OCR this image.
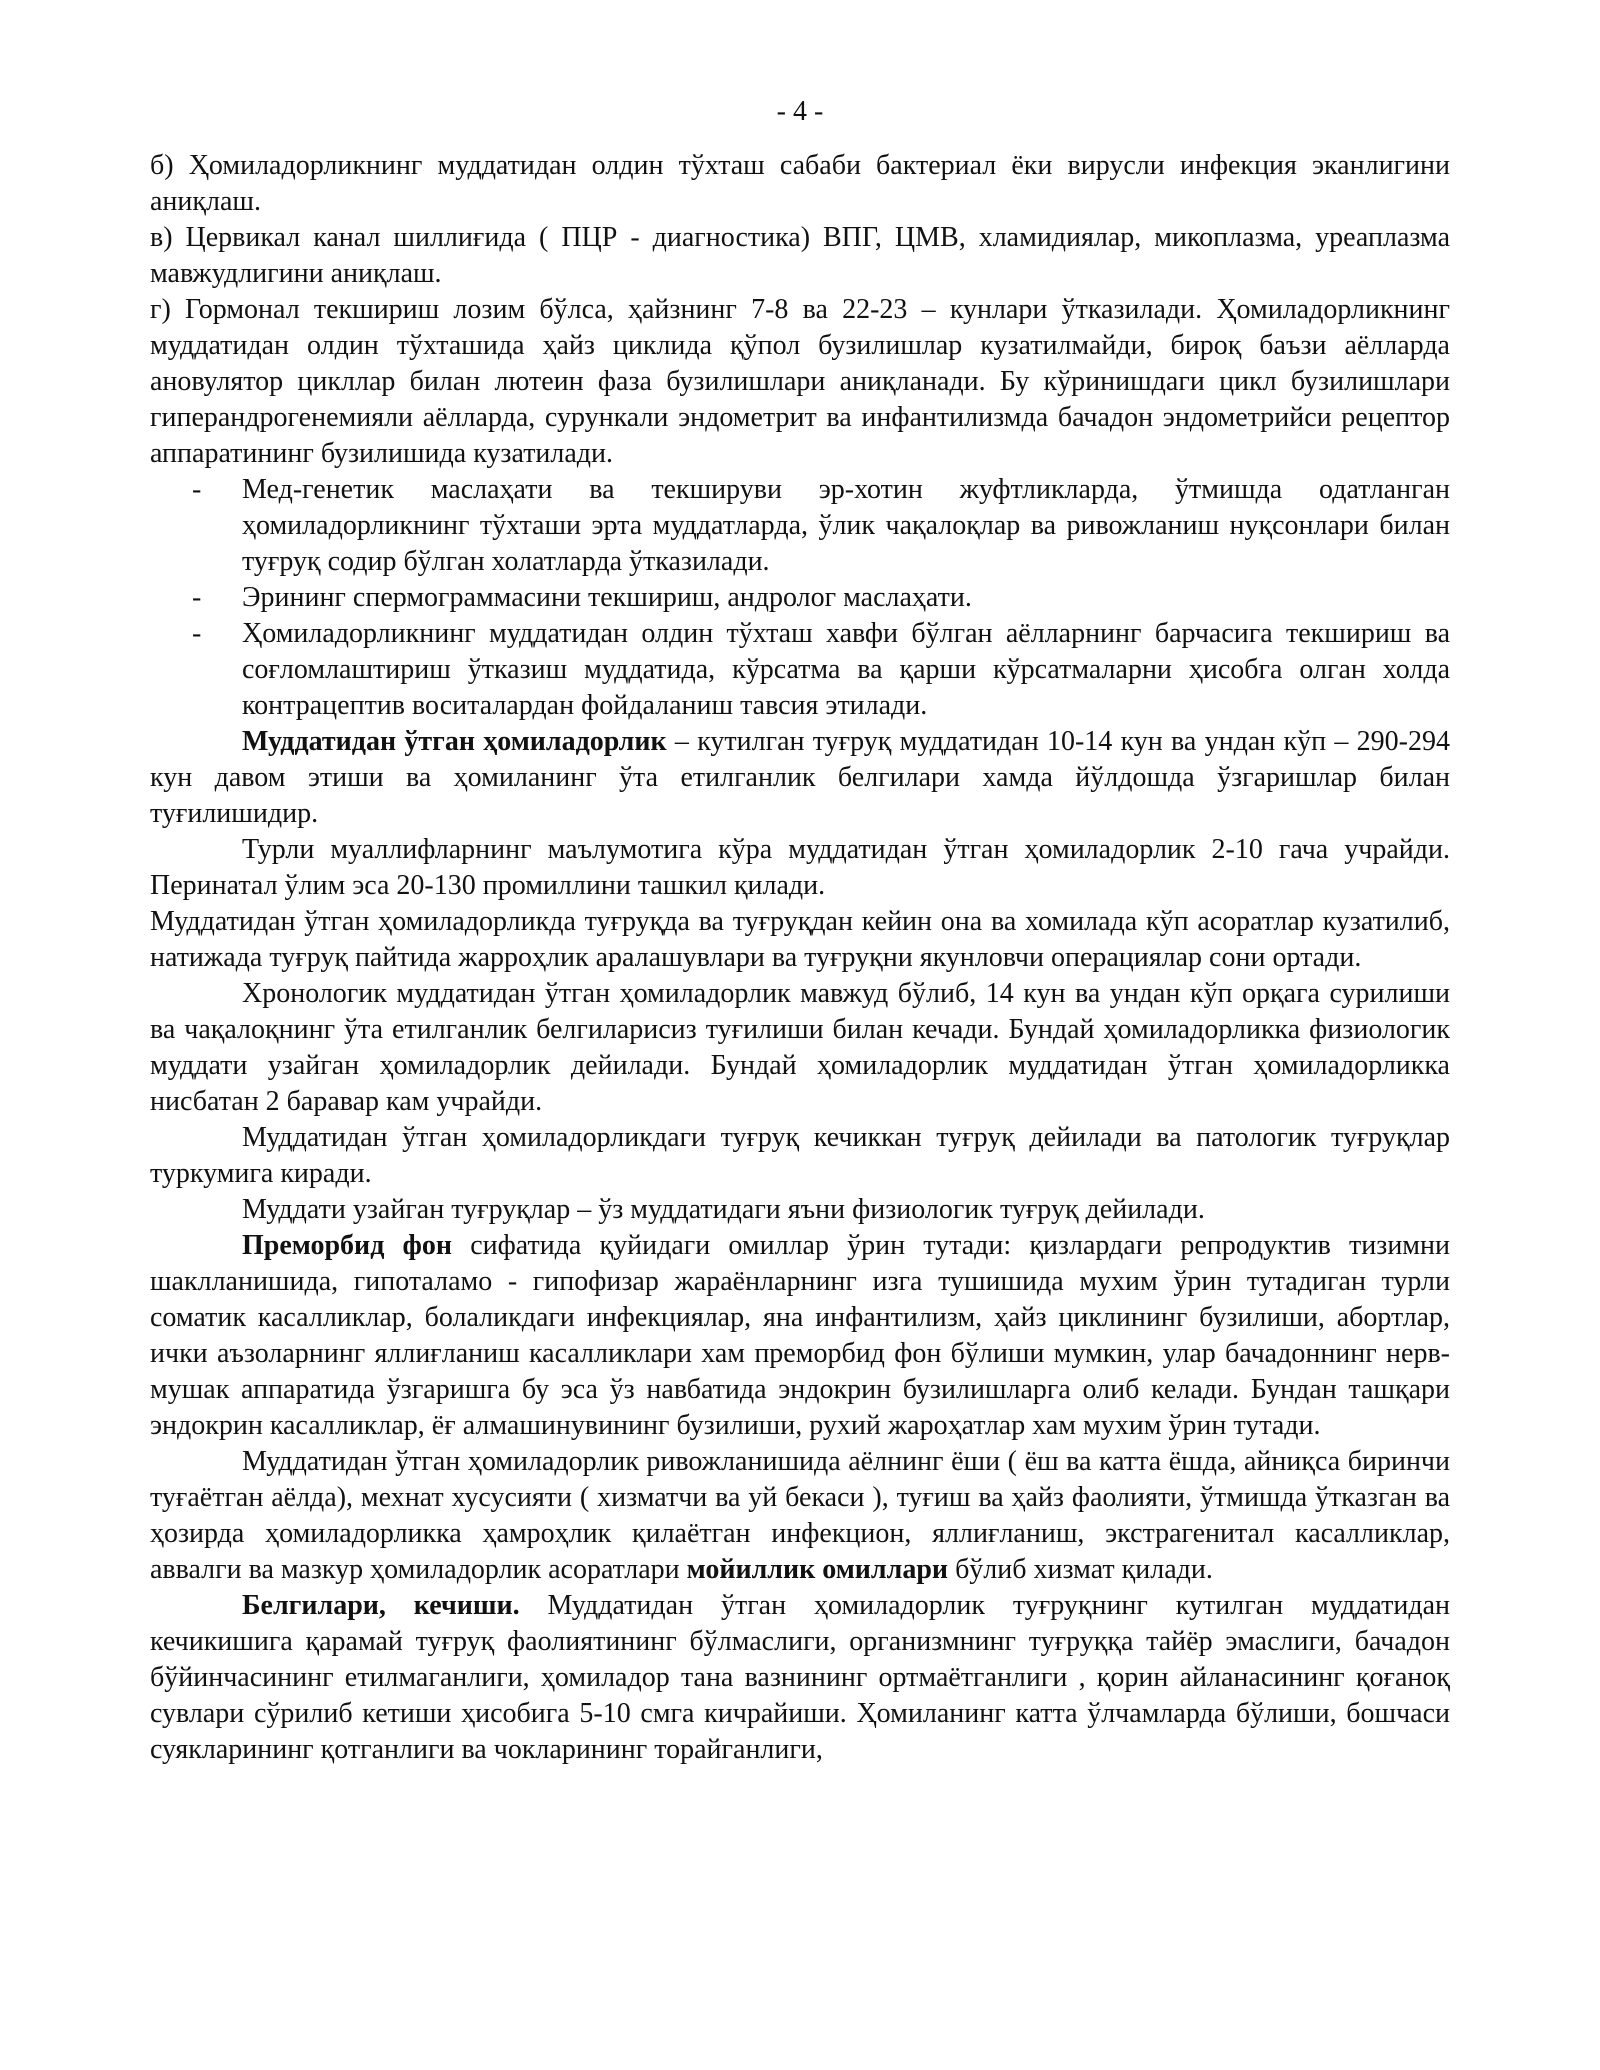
- 4 -

б) Ҳомиладорликнинг муддатидан олдин тўхташ сабаби бактериал ёки вирусли инфекция эканлигини аниқлаш.

в) Цервикал канал шиллиғида ( ПЦР - диагностика) ВПГ, ЦМВ, хламидиялар, микоплазма, уреаплазма мавжудлигини аниқлаш.

г) Гормонал текшириш лозим бўлса, ҳайзнинг 7-8 ва 22-23 – кунлари ўтказилади. Ҳомиладорликнинг муддатидан олдин тўхташида ҳайз циклида қўпол бузилишлар кузатилмайди, бироқ баъзи аёлларда ановулятор цикллар билан лютеин фаза бузилишлари аниқланади. Бу кўринишдаги цикл бузилишлари гиперандрогенемияли аёлларда, сурункали эндометрит ва инфантилизмда бачадон эндометрийси рецептор аппаратининг бузилишида кузатилади.

- Мед-генетик маслаҳати ва текшируви эр-хотин жуфтликларда, ўтмишда одатланган ҳомиладорликнинг тўхташи эрта муддатларда, ўлик чақалоқлар ва ривожланиш нуқсонлари билан туғруқ содир бўлган холатларда ўтказилади.
- Эрининг спермограммасини текшириш, андролог маслаҳати.
- Ҳомиладорликнинг муддатидан олдин тўхташ хавфи бўлган аёлларнинг барчасига текшириш ва соғломлаштириш ўтказиш муддатида, кўрсатма ва қарши кўрсатмаларни ҳисобга олган холда контрацептив воситалардан фойдаланиш тавсия этилади.

Муддатидан ўтган ҳомиладорлик – кутилган туғруқ муддатидан 10-14 кун ва ундан кўп – 290-294 кун давом этиши ва ҳомиланинг ўта етилганлик белгилари хамда йўлдошда ўзгаришлар билан туғилишидир.

Турли муаллифларнинг маълумотига кўра муддатидан ўтган ҳомиладорлик 2-10 гача учрайди. Перинатал ўлим эса 20-130 промиллини ташкил қилади.

Муддатидан ўтган ҳомиладорликда туғруқда ва туғруқдан кейин она ва хомилада кўп асоратлар кузатилиб, натижада туғруқ пайтида жарроҳлик аралашувлари ва туғруқни якунловчи операциялар сони ортади.

Хронологик муддатидан ўтган ҳомиладорлик мавжуд бўлиб, 14 кун ва ундан кўп орқага сурилиши ва чақалоқнинг ўта етилганлик белгиларисиз туғилиши билан кечади. Бундай ҳомиладорликка физиологик муддати узайган ҳомиладорлик дейилади. Бундай ҳомиладорлик муддатидан ўтган ҳомиладорликка нисбатан 2 баравар кам учрайди.

Муддатидан ўтган ҳомиладорликдаги туғруқ кечиккан туғруқ дейилади ва патологик туғруқлар туркумига киради.

Муддати узайган туғруқлар – ўз муддатидаги яъни физиологик туғруқ дейилади.

Преморбид фон сифатида қуйидаги омиллар ўрин тутади: қизлардаги репродуктив тизимни шаклланишида, гипоталамо - гипофизар жараёнларнинг изга тушишида мухим ўрин тутадиган турли соматик касалликлар, болаликдаги инфекциялар, яна инфантилизм, ҳайз циклининг бузилиши, абортлар, ички аъзоларнинг яллиғланиш касалликлари хам преморбид фон бўлиши мумкин, улар бачадоннинг нерв-мушак аппаратида ўзгаришга бу эса ўз навбатида эндокрин бузилишларга олиб келади. Бундан ташқари эндокрин касалликлар, ёғ алмашинувининг бузилиши, рухий жароҳатлар хам мухим ўрин тутади.

Муддатидан ўтган ҳомиладорлик ривожланишида аёлнинг ёши ( ёш ва катта ёшда, айниқса биринчи туғаётган аёлда), мехнат хусусияти ( хизматчи ва уй бекаси ), туғиш ва ҳайз фаолияти, ўтмишда ўтказган ва ҳозирда ҳомиладорликка ҳамроҳлик қилаётган инфекцион, яллиғланиш, экстрагенитал касалликлар, аввалги ва мазкур ҳомиладорлик асоратлари мойиллик омиллари бўлиб хизмат қилади.

Белгилари, кечиши. Муддатидан ўтган ҳомиладорлик туғруқнинг кутилган муддатидан кечикишига қарамай туғруқ фаолиятининг бўлмаслиги, организмнинг туғруққа тайёр эмаслиги, бачадон бўйинчасининг етилмаганлиги, ҳомиладор тана вазнининг ортмаётганлиги , қорин айланасининг қоғаноқ сувлари сўрилиб кетиши ҳисобига 5-10 смга кичрайиши. Ҳомиланинг катта ўлчамларда бўлиши, бошчаси суякларининг қотганлиги ва чокларининг торайганлиги,
